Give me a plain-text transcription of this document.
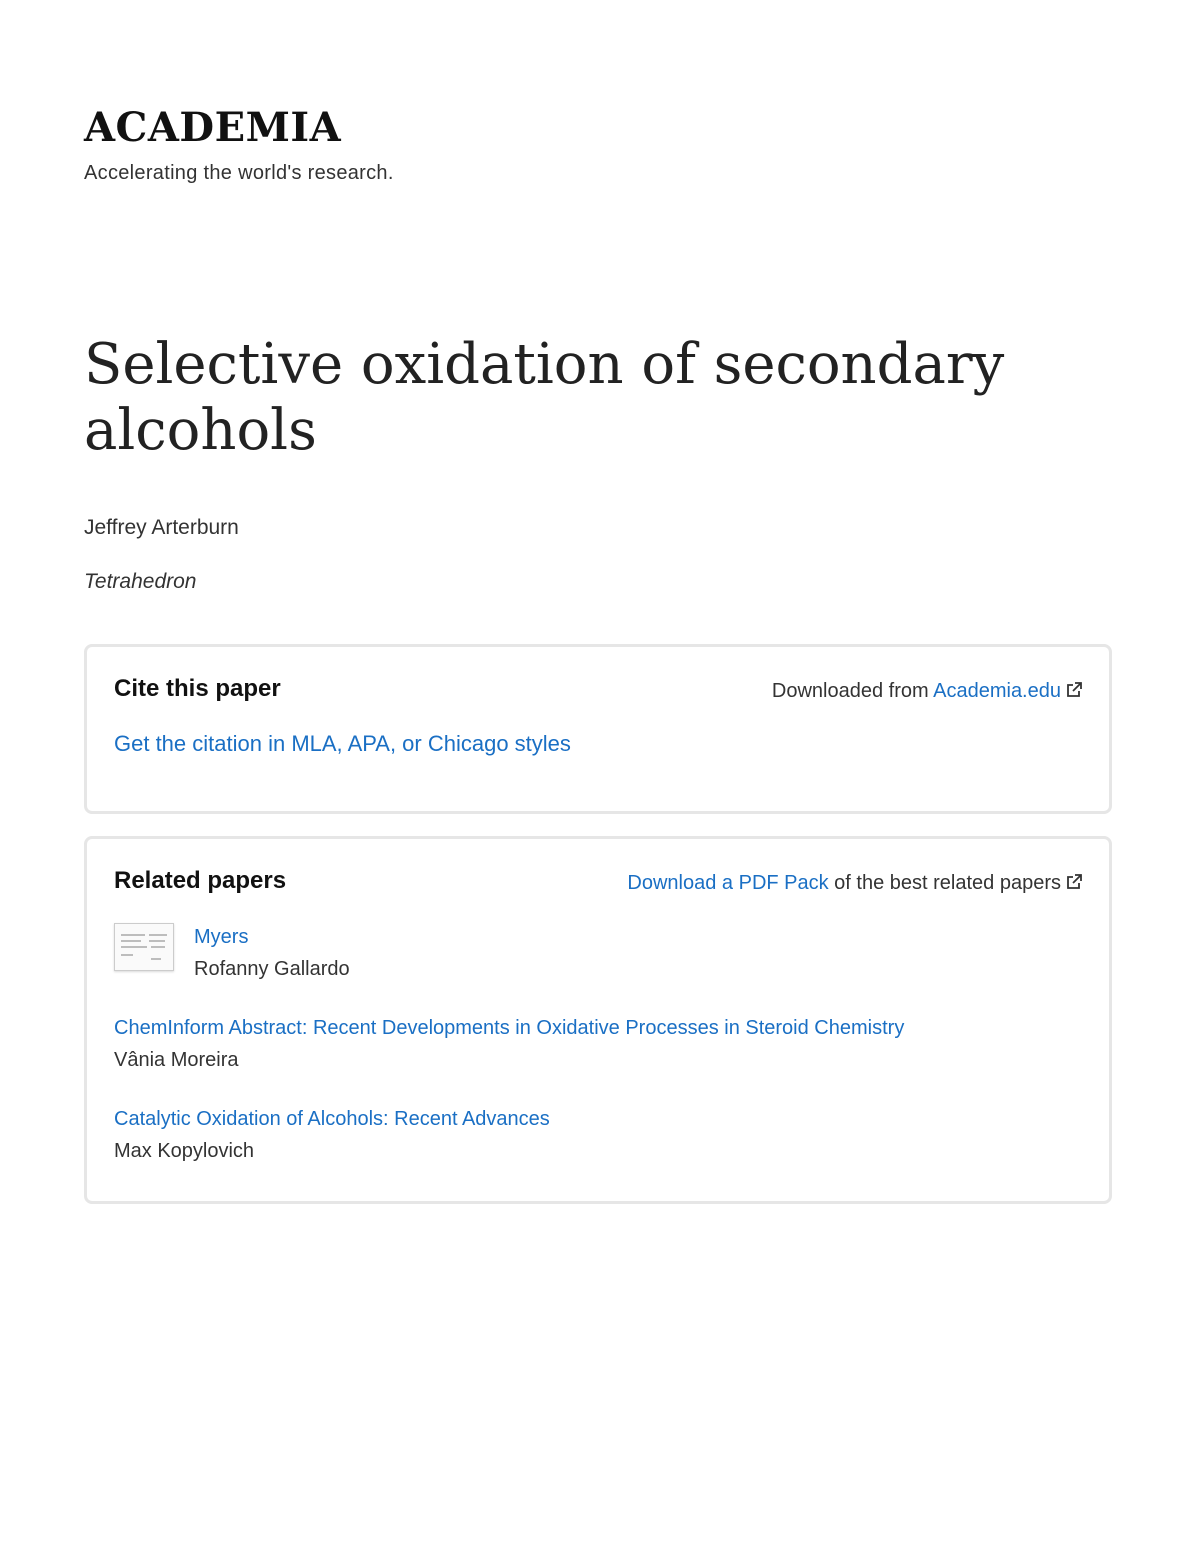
ACADEMIA
Accelerating the world's research.
Selective oxidation of secondary alcohols
Jeffrey Arterburn
Tetrahedron
Cite this paper	Downloaded from Academia.edu
Get the citation in MLA, APA, or Chicago styles
Related papers	Download a PDF Pack of the best related papers
Myers
Rofanny Gallardo
ChemInform Abstract: Recent Developments in Oxidative Processes in Steroid Chemistry
Vânia Moreira
Catalytic Oxidation of Alcohols: Recent Advances
Max Kopylovich
